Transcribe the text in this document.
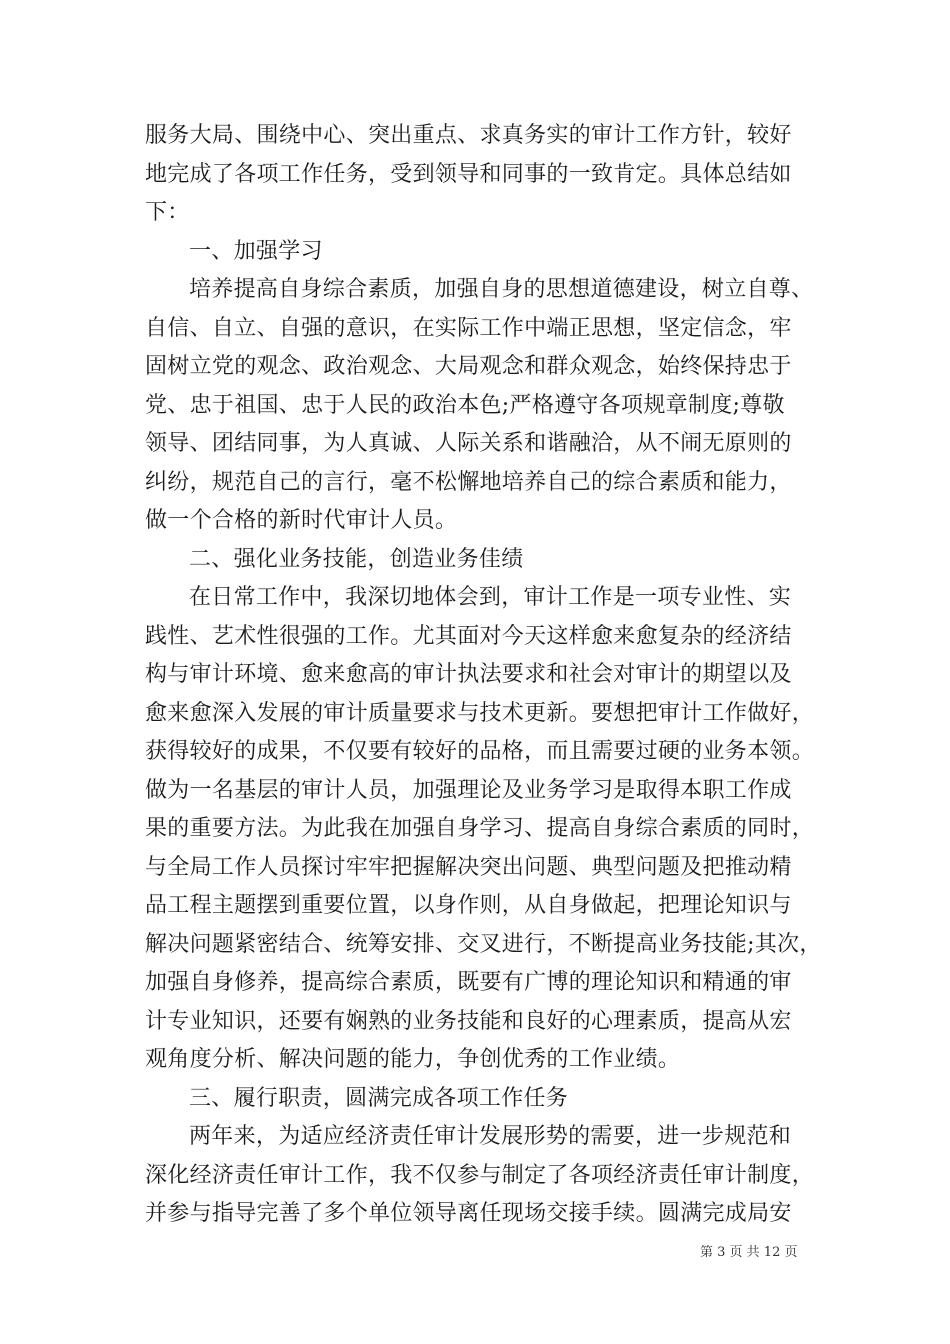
服务大局、围绕中心、突出重点、求真务实的审计工作方针，较好
地完成了各项工作任务，受到领导和同事的一致肯定。具体总结如
下：
一、加强学习
培养提高自身综合素质，加强自身的思想道德建设，树立自尊、
自信、自立、自强的意识，在实际工作中端正思想，坚定信念，牢
固树立党的观念、政治观念、大局观念和群众观念，始终保持忠于
党、忠于祖国、忠于人民的政治本色;严格遵守各项规章制度;尊敬
领导、团结同事，为人真诚、人际关系和谐融洽，从不闹无原则的
纠纷，规范自己的言行，毫不松懈地培养自己的综合素质和能力，
做一个合格的新时代审计人员。
二、强化业务技能，创造业务佳绩
在日常工作中，我深切地体会到，审计工作是一项专业性、实
践性、艺术性很强的工作。尤其面对今天这样愈来愈复杂的经济结
构与审计环境、愈来愈高的审计执法要求和社会对审计的期望以及
愈来愈深入发展的审计质量要求与技术更新。要想把审计工作做好，
获得较好的成果，不仅要有较好的品格，而且需要过硬的业务本领。
做为一名基层的审计人员，加强理论及业务学习是取得本职工作成
果的重要方法。为此我在加强自身学习、提高自身综合素质的同时，
与全局工作人员探讨牢牢把握解决突出问题、典型问题及把推动精
品工程主题摆到重要位置，以身作则，从自身做起，把理论知识与
解决问题紧密结合、统筹安排、交叉进行，不断提高业务技能;其次，
加强自身修养，提高综合素质，既要有广博的理论知识和精通的审
计专业知识，还要有娴熟的业务技能和良好的心理素质，提高从宏
观角度分析、解决问题的能力，争创优秀的工作业绩。
三、履行职责，圆满完成各项工作任务
两年来，为适应经济责任审计发展形势的需要，进一步规范和
深化经济责任审计工作，我不仅参与制定了各项经济责任审计制度，
并参与指导完善了多个单位领导离任现场交接手续。圆满完成局安
第 3 页 共 12 页
